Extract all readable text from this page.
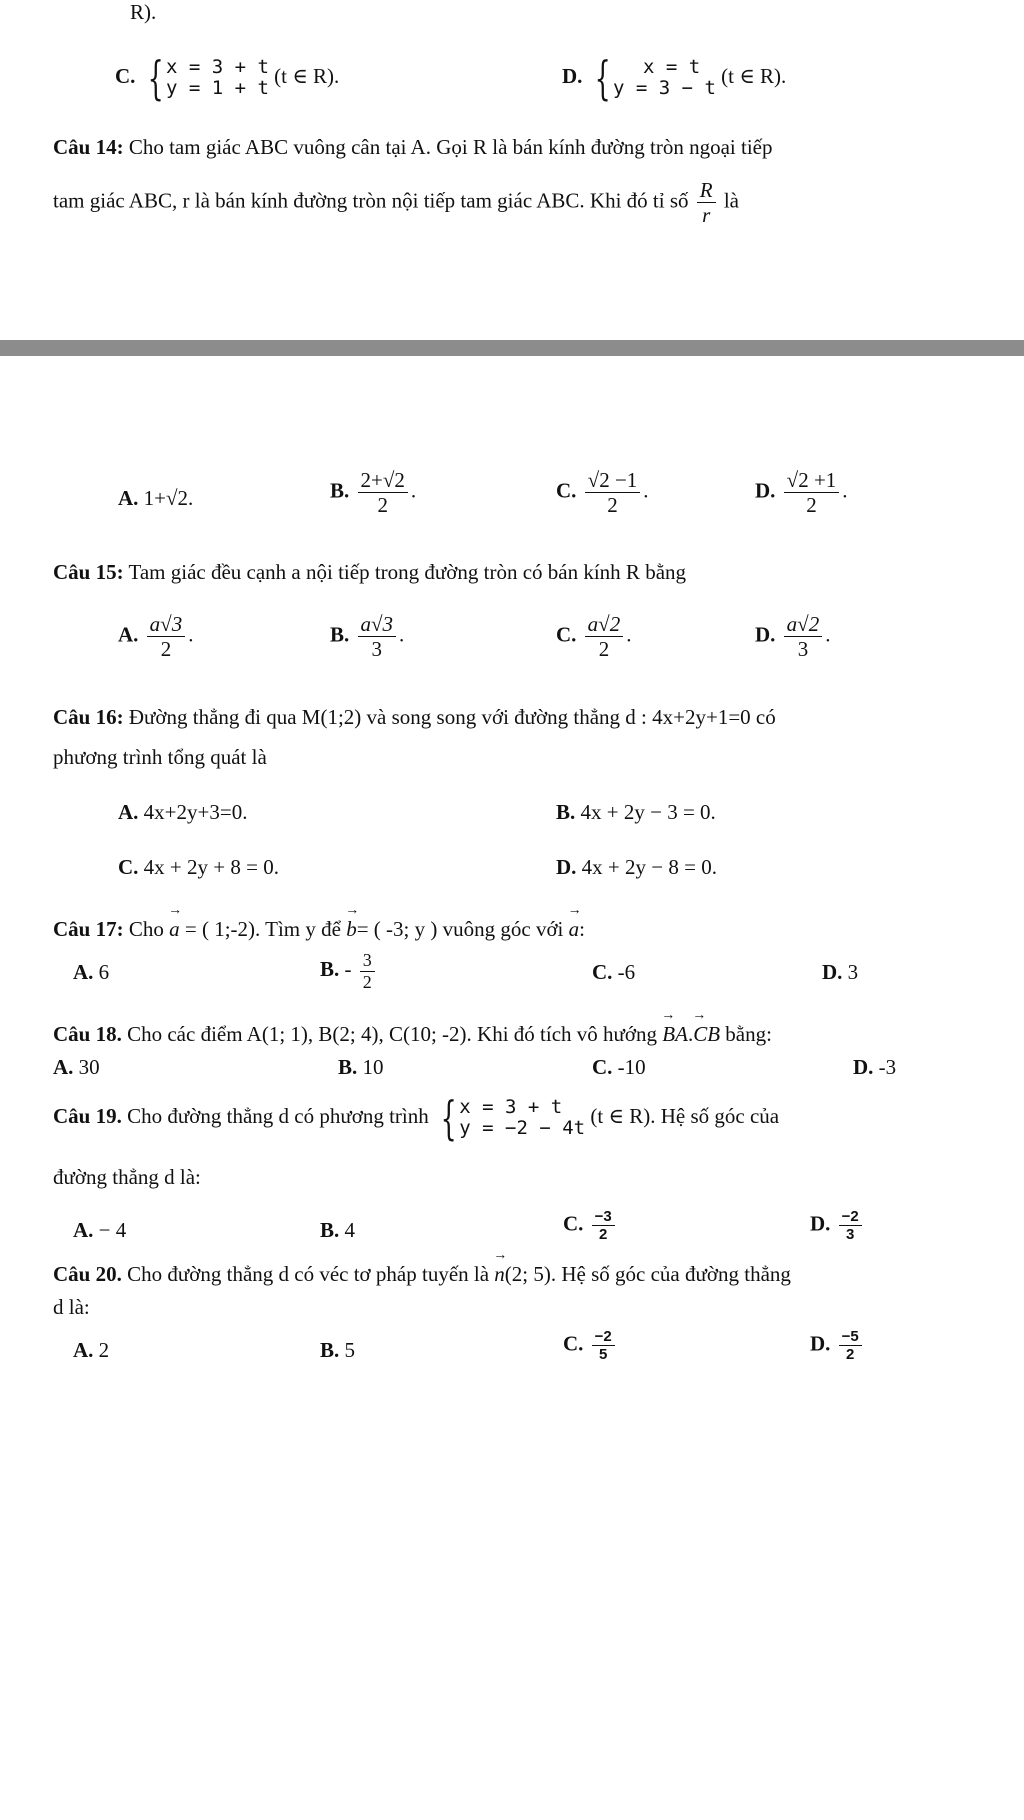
R).
C. { x = 3 + t
y = 1 + t
(t ∈ R).	D. {	x = t
y = 3 − t
(t ∈ R).
Câu 14: Cho tam giác ABC vuông cân tại A. Gọi R là bán kính đường tròn ngoại tiếp
tam giác ABC, r là bán kính đường tròn nội tiếp tam giác ABC. Khi đó tỉ số $\frac{R}{r}$ là
A. 1+√2.	B. $\frac{2+√2}{2}$ .	C. $\frac{√2 -1}{2}$ .	D. $\frac{√2 +1}{2}$ .
Câu 15: Tam giác đều cạnh a nội tiếp trong đường tròn có bán kính R bằng
A. $\frac{a√3}{2}$ .	B. $\frac{a√3}{3}$ .	C. $\frac{a√2}{2}$ .	D. $\frac{a√2}{3}$ .
Câu 16: Đường thẳng đi qua M(1;2) và song song với đường thẳng d : 4x+2y+1=0 có
phương trình tổng quát là
A. 4x+2y+3=0.	B. 4x + 2y − 3 = 0.
C. 4x + 2y + 8 = 0.	D. 4x + 2y − 8 = 0.
Câu 17: Cho → a = ( 1;-2). Tìm y để → b= ( -3; y ) vuông góc với → a:
A. 6	B. - $\frac{3}{2}$	C. -6	D. 3
Câu 18. Cho các điểm A(1; 1), B(2; 4), C(10; -2). Khi đó tích vô hướng → BA.→ CB bằng:
A. 30	B. 10	C. -10	D. -3
Câu 19. Cho đường thẳng d có phương trình { x = 3 + t
y = −2 − 4t
(t ∈ R). Hệ số góc của
đường thẳng d là:
A. − 4	B. 4	C. $\frac{-3}{2}$	D. $\frac{-2}{3}$
Câu 20. Cho đường thẳng d có véc tơ pháp tuyến là → n(2; 5). Hệ số góc của đường thẳng
d là:
A. 2	B. 5	C. $\frac{-2}{5}$	D. $\frac{-5}{2}$
